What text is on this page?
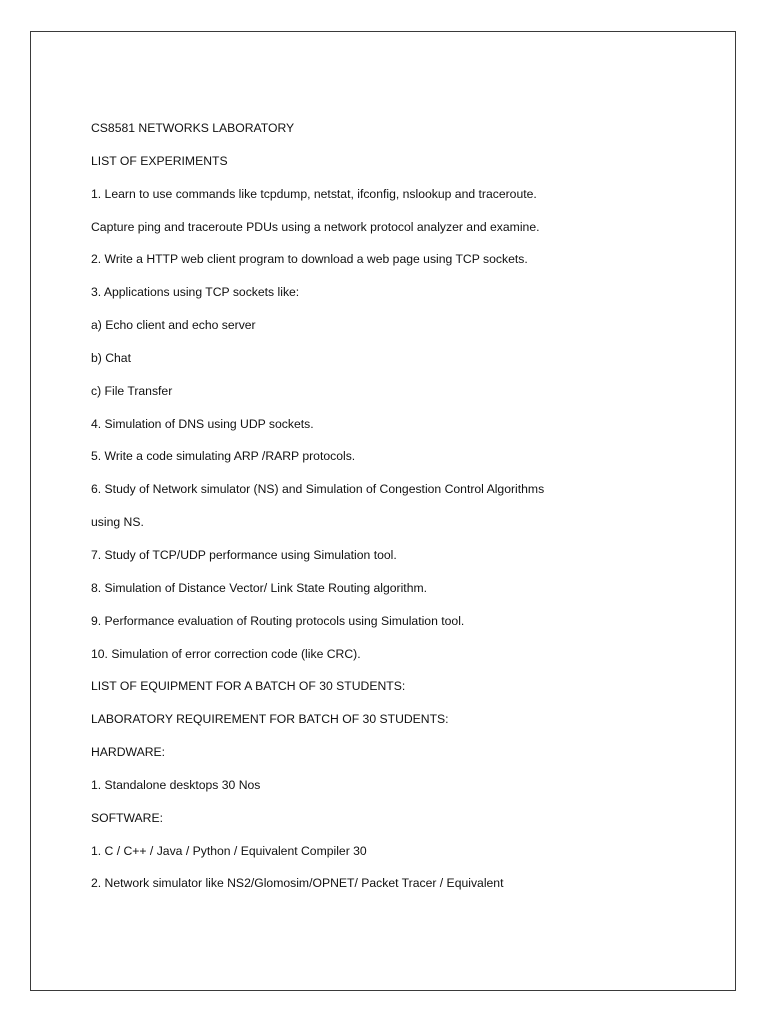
CS8581 NETWORKS LABORATORY
LIST OF EXPERIMENTS
1. Learn to use commands like tcpdump, netstat, ifconfig, nslookup and traceroute.
Capture ping and traceroute PDUs using a network protocol analyzer and examine.
2. Write a HTTP web client program to download a web page using TCP sockets.
3. Applications using TCP sockets like:
a) Echo client and echo server
b) Chat
c) File Transfer
4. Simulation of DNS using UDP sockets.
5. Write a code simulating ARP /RARP protocols.
6. Study of Network simulator (NS) and Simulation of Congestion Control Algorithms
using NS.
7. Study of TCP/UDP performance using Simulation tool.
8. Simulation of Distance Vector/ Link State Routing algorithm.
9. Performance evaluation of Routing protocols using Simulation tool.
10. Simulation of error correction code (like CRC).
LIST OF EQUIPMENT FOR A BATCH OF 30 STUDENTS:
LABORATORY REQUIREMENT FOR BATCH OF 30 STUDENTS:
HARDWARE:
1. Standalone desktops 30 Nos
SOFTWARE:
1. C / C++ / Java / Python / Equivalent Compiler 30
2. Network simulator like NS2/Glomosim/OPNET/ Packet Tracer / Equivalent
